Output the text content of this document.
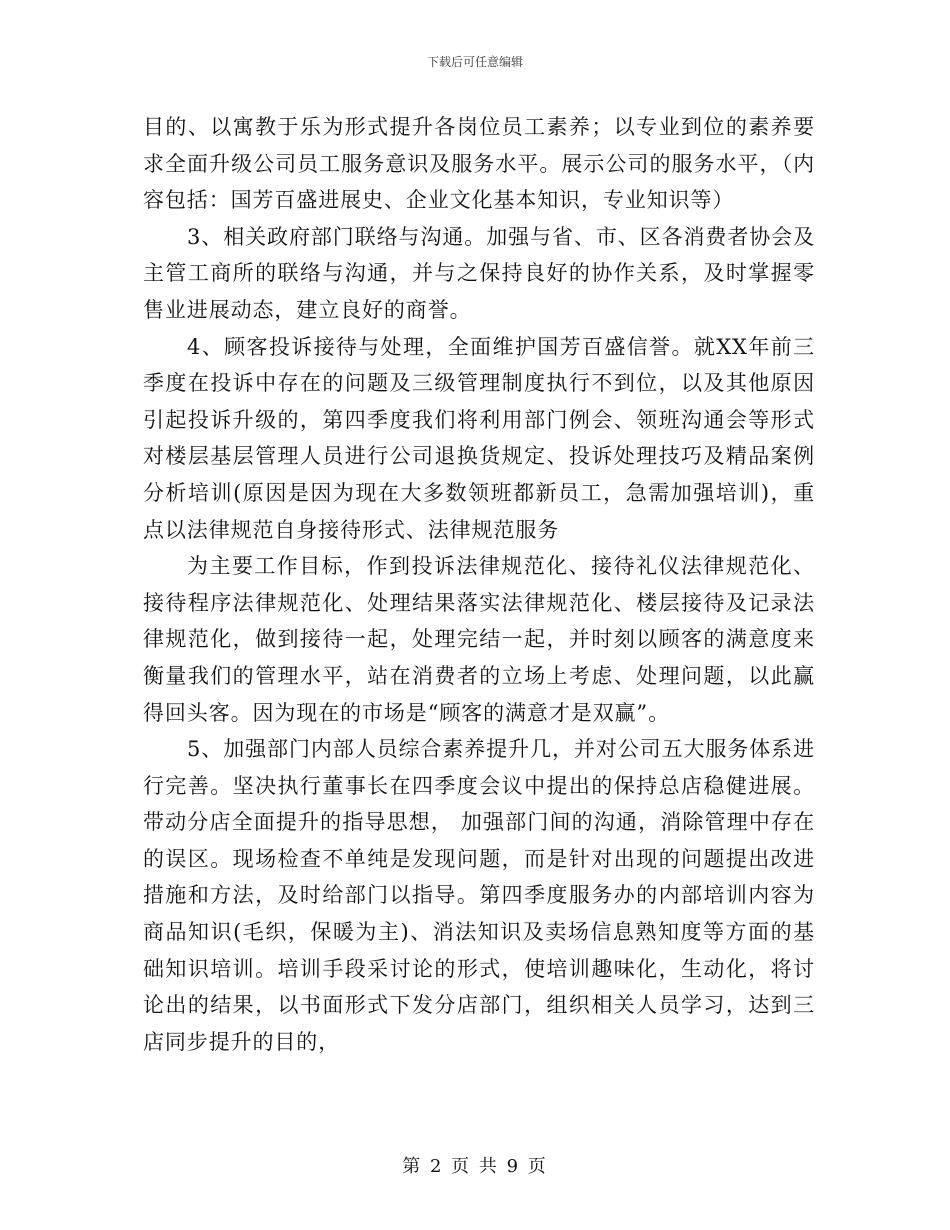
下载后可任意编辑

目的、以寓教于乐为形式提升各岗位员工素养；以专业到位的素养要求全面升级公司员工服务意识及服务水平。展示公司的服务水平，（内容包括：国芳百盛进展史、企业文化基本知识，专业知识等）

3、相关政府部门联络与沟通。加强与省、市、区各消费者协会及主管工商所的联络与沟通，并与之保持良好的协作关系，及时掌握零售业进展动态，建立良好的商誉。

4、顾客投诉接待与处理，全面维护国芳百盛信誉。就XX年前三季度在投诉中存在的问题及三级管理制度执行不到位，以及其他原因引起投诉升级的，第四季度我们将利用部门例会、领班沟通会等形式对楼层基层管理人员进行公司退换货规定、投诉处理技巧及精品案例分析培训(原因是因为现在大多数领班都新员工，急需加强培训)，重点以法律规范自身接待形式、法律规范服务

为主要工作目标，作到投诉法律规范化、接待礼仪法律规范化、接待程序法律规范化、处理结果落实法律规范化、楼层接待及记录法律规范化，做到接待一起，处理完结一起，并时刻以顾客的满意度来衡量我们的管理水平，站在消费者的立场上考虑、处理问题，以此赢得回头客。因为现在的市场是“顾客的满意才是双赢”。

5、加强部门内部人员综合素养提升几，并对公司五大服务体系进行完善。坚决执行董事长在四季度会议中提出的保持总店稳健进展。带动分店全面提升的指导思想， 加强部门间的沟通，消除管理中存在的误区。现场检查不单纯是发现问题，而是针对出现的问题提出改进措施和方法，及时给部门以指导。第四季度服务办的内部培训内容为商品知识(毛织，保暖为主)、消法知识及卖场信息熟知度等方面的基础知识培训。培训手段采讨论的形式，使培训趣味化，生动化，将讨论出的结果，以书面形式下发分店部门，组织相关人员学习，达到三店同步提升的目的，

第 2 页 共 9 页
